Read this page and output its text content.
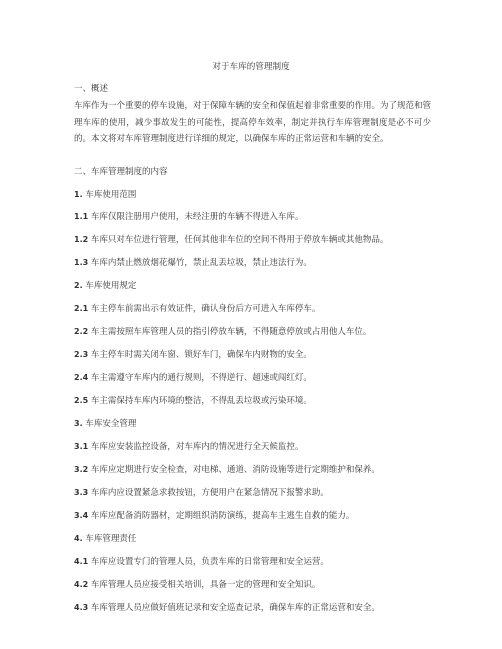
对于车库的管理制度
一、概述
车库作为一个重要的停车设施，对于保障车辆的安全和保值起着非常重要的作用。为了规范和管理车库的使用，减少事故发生的可能性，提高停车效率，制定并执行车库管理制度是必不可少的。本文将对车库管理制度进行详细的规定，以确保车库的正常运营和车辆的安全。
二、车库管理制度的内容
1. 车库使用范围
1.1 车库仅限注册用户使用，未经注册的车辆不得进入车库。
1.2 车库只对车位进行管理，任何其他非车位的空间不得用于停放车辆或其他物品。
1.3 车库内禁止燃放烟花爆竹，禁止乱丢垃圾，禁止违法行为。
2. 车库使用规定
2.1 车主停车前需出示有效证件，确认身份后方可进入车库停车。
2.2 车主需按照车库管理人员的指引停放车辆，不得随意停放或占用他人车位。
2.3 车主停车时需关闭车窗、锁好车门，确保车内财物的安全。
2.4 车主需遵守车库内的通行规则，不得逆行、超速或闯红灯。
2.5 车主需保持车库内环境的整洁，不得乱丢垃圾或污染环境。
3. 车库安全管理
3.1 车库应安装监控设备，对车库内的情况进行全天候监控。
3.2 车库应定期进行安全检查，对电梯、通道、消防设施等进行定期维护和保养。
3.3 车库内应设置紧急求救按钮，方便用户在紧急情况下报警求助。
3.4 车库应配备消防器材，定期组织消防演练，提高车主逃生自救的能力。
4. 车库管理责任
4.1 车库应设置专门的管理人员，负责车库的日常管理和安全运营。
4.2 车库管理人员应接受相关培训，具备一定的管理和安全知识。
4.3 车库管理人员应做好值班记录和安全巡查记录，确保车库的正常运营和安全。
